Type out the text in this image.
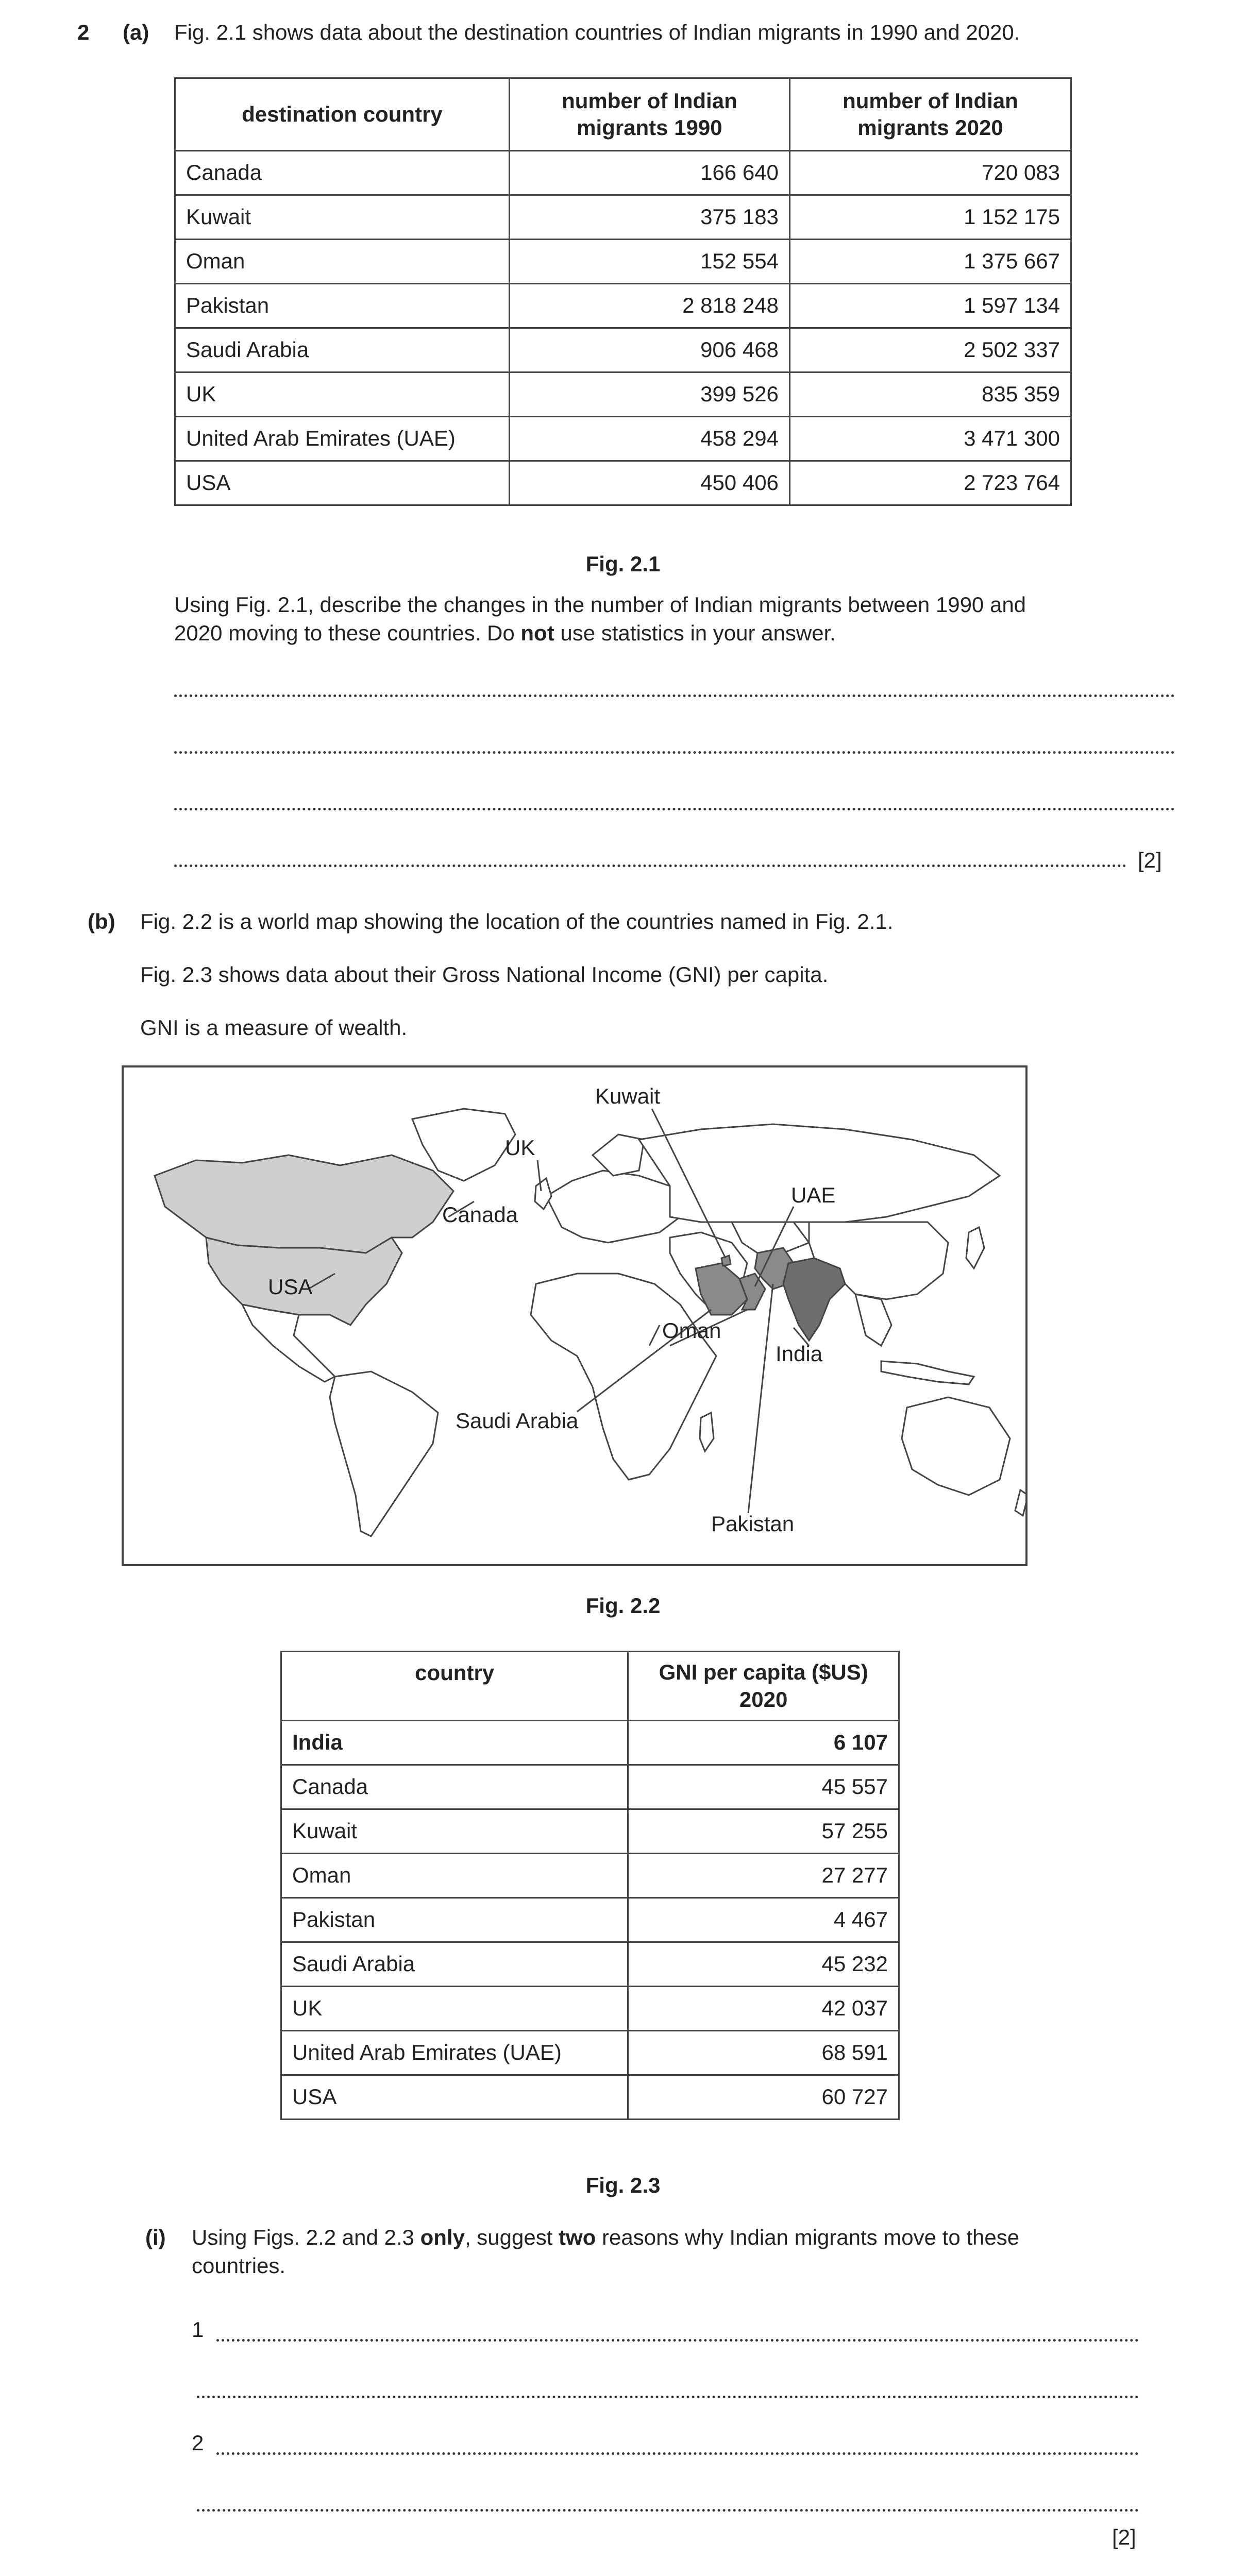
2 (a) Fig. 2.1 shows data about the destination countries of Indian migrants in 1990 and 2020.
destination country	number of Indian migrants 1990	number of Indian migrants 2020
Canada	166 640	720 083
Kuwait	375 183	1 152 175
Oman	152 554	1 375 667
Pakistan	2 818 248	1 597 134
Saudi Arabia	906 468	2 502 337
UK	399 526	835 359
United Arab Emirates (UAE)	458 294	3 471 300
USA	450 406	2 723 764
Fig. 2.1
Using Fig. 2.1, describe the changes in the number of Indian migrants between 1990 and
2020 moving to these countries. Do not use statistics in your answer.
[2]
(b) Fig. 2.2 is a world map showing the location of the countries named in Fig. 2.1.
Fig. 2.3 shows data about their Gross National Income (GNI) per capita.
GNI is a measure of wealth.
Kuwait
UK
UAE
Canada
USA
Oman
India
Saudi Arabia
Pakistan
Fig. 2.2
country	GNI per capita ($US) 2020
India	6 107
Canada	45 557
Kuwait	57 255
Oman	27 277
Pakistan	4 467
Saudi Arabia	45 232
UK	42 037
United Arab Emirates (UAE)	68 591
USA	60 727
Fig. 2.3
(i) Using Figs. 2.2 and 2.3 only, suggest two reasons why Indian migrants move to these
countries.
1
2
[2]
